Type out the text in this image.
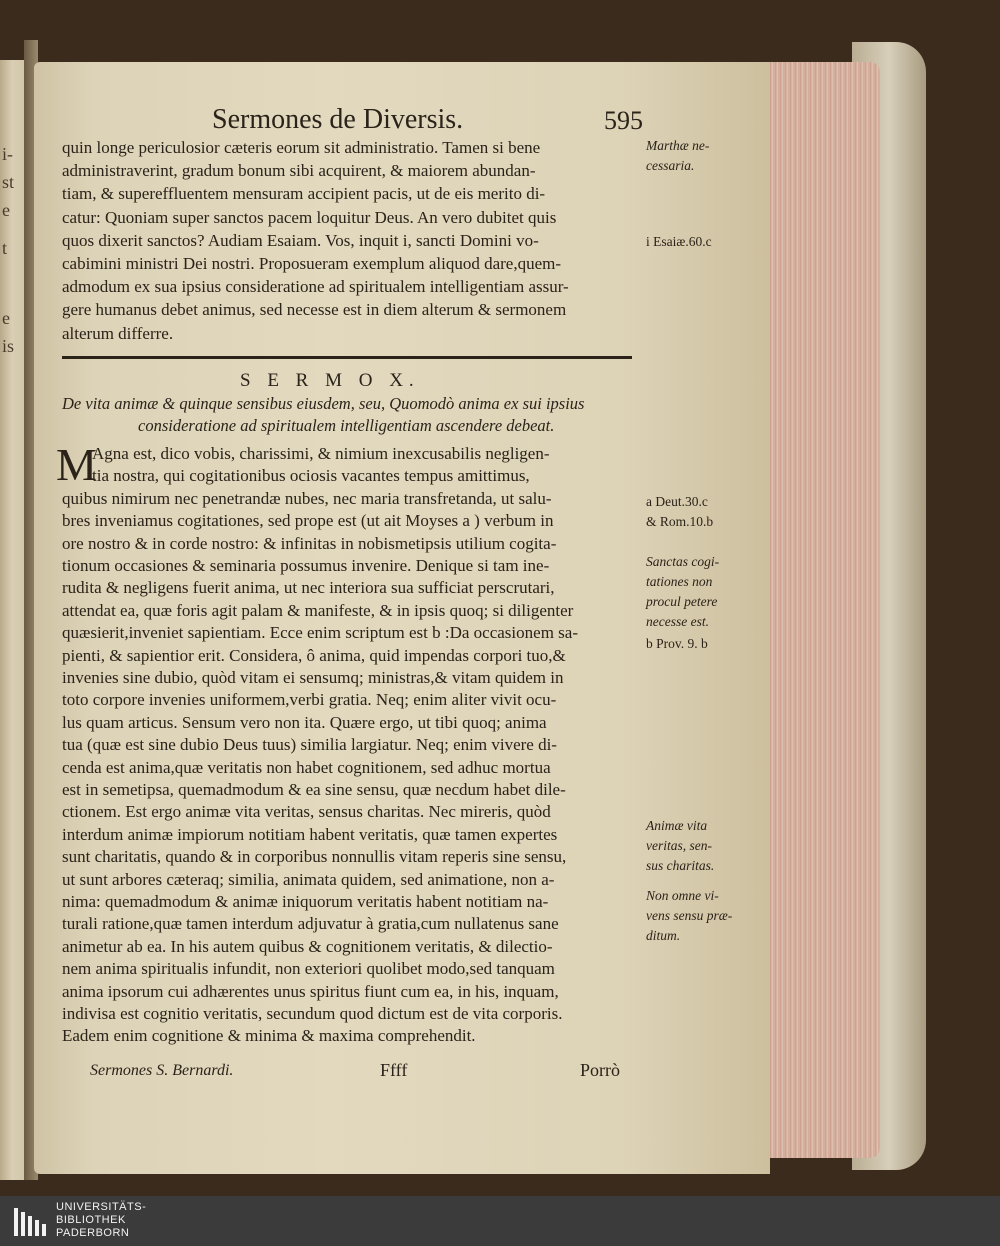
i-
st
e
t
e
is
Sermones de Diversis.	595
quin longe periculosior cæteris eorum sit administratio. Tamen si bene
administraverint, gradum bonum sibi acquirent, & maiorem abundan-
tiam, & supereffluentem mensuram accipient pacis, ut de eis merito di-
catur: Quoniam super sanctos pacem loquitur Deus. An vero dubitet quis
quos dixerit sanctos? Audiam Esaiam. Vos, inquit i, sancti Domini vo-
cabimini ministri Dei nostri. Proposueram exemplum aliquod dare,quem-
admodum ex sua ipsius consideratione ad spiritualem intelligentiam assur-
gere humanus debet animus, sed necesse est in diem alterum & sermonem
alterum differre.
S E R M O X.
De vita animæ & quinque sensibus eiusdem, seu, Quomodò anima ex sui ipsius
consideratione ad spiritualem intelligentiam ascendere debeat.
M
Agna est, dico vobis, charissimi, & nimium inexcusabilis negligen-
tia nostra, qui cogitationibus ociosis vacantes tempus amittimus,
quibus nimirum nec penetrandæ nubes, nec maria transfretanda, ut salu-
bres inveniamus cogitationes, sed prope est (ut ait Moyses a ) verbum in
ore nostro & in corde nostro: & infinitas in nobismetipsis utilium cogita-
tionum occasiones & seminaria possumus invenire. Denique si tam ine-
rudita & negligens fuerit anima, ut nec interiora sua sufficiat perscrutari,
attendat ea, quæ foris agit palam & manifeste, & in ipsis quoq; si diligenter
quæsierit,inveniet sapientiam. Ecce enim scriptum est b :Da occasionem sa-
pienti, & sapientior erit. Considera, ô anima, quid impendas corpori tuo,&
invenies sine dubio, quòd vitam ei sensumq; ministras,& vitam quidem in
toto corpore invenies uniformem,verbi gratia. Neq; enim aliter vivit ocu-
lus quam articus. Sensum vero non ita. Quære ergo, ut tibi quoq; anima
tua (quæ est sine dubio Deus tuus) similia largiatur. Neq; enim vivere di-
cenda est anima,quæ veritatis non habet cognitionem, sed adhuc mortua
est in semetipsa, quemadmodum & ea sine sensu, quæ necdum habet dile-
ctionem. Est ergo animæ vita veritas, sensus charitas. Nec mireris, quòd
interdum animæ impiorum notitiam habent veritatis, quæ tamen expertes
sunt charitatis, quando & in corporibus nonnullis vitam reperis sine sensu,
ut sunt arbores cæteraq; similia, animata quidem, sed animatione, non a-
nima: quemadmodum & animæ iniquorum veritatis habent notitiam na-
turali ratione,quæ tamen interdum adjuvatur à gratia,cum nullatenus sane
animetur ab ea. In his autem quibus & cognitionem veritatis, & dilectio-
nem anima spiritualis infundit, non exteriori quolibet modo,sed tanquam
anima ipsorum cui adhærentes unus spiritus fiunt cum ea, in his, inquam,
indivisa est cognitio veritatis, secundum quod dictum est de vita corporis.
Eadem enim cognitione & minima & maxima comprehendit.
Sermones S. Bernardi.	Ffff	Porrò
Marthæ ne-
cessaria.
i Esaiæ.60.c
a Deut.30.c
& Rom.10.b
Sanctas cogi-
tationes non
procul petere
necesse est.
b Prov. 9. b
Animæ vita
veritas, sen-
sus charitas.
Non omne vi-
vens sensu præ-
ditum.
UNIVERSITÄTS-
BIBLIOTHEK
PADERBORN
